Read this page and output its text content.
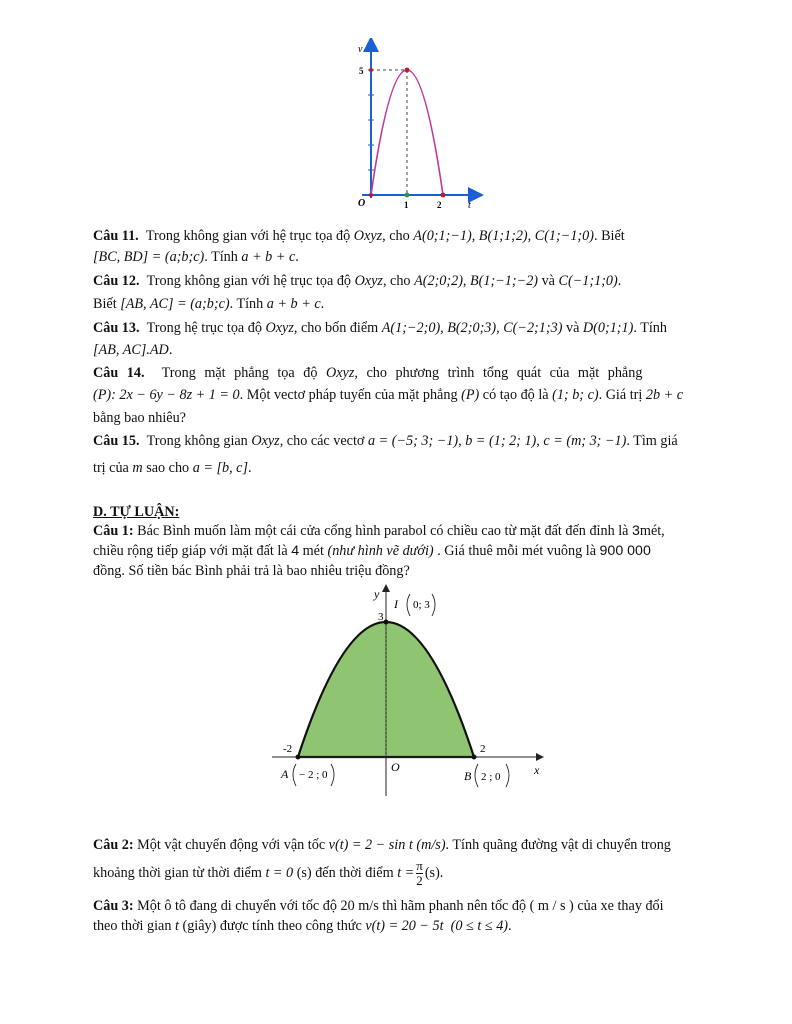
v
5
O	1	2	t
Câu 11. Trong không gian với hệ trục tọa độ Oxyz, cho A(0;1;−1), B(1;1;2), C(1;−1;0). Biết
[BC, BD] = (a;b;c). Tính a + b + c.
Câu 12. Trong không gian với hệ trục tọa độ Oxyz, cho A(2;0;2), B(1;−1;−2) và C(−1;1;0).
Biết [AB, AC] = (a;b;c). Tính a + b + c.
Câu 13. Trong hệ trục tọa độ Oxyz, cho bốn điểm A(1;−2;0), B(2;0;3), C(−2;1;3) và D(0;1;1). Tính
[AB, AC].AD.
Câu 14. Trong mặt phẳng tọa độ Oxyz, cho phương trình tổng quát của mặt phẳng
(P): 2x − 6y − 8z + 1 = 0. Một vectơ pháp tuyến của mặt phẳng (P) có tạo độ là (1; b; c). Giá trị 2b + c
bằng bao nhiêu?
Câu 15. Trong không gian Oxyz, cho các vectơ a = (−5; 3; −1), b = (1; 2; 1), c = (m; 3; −1). Tìm giá
trị của m sao cho a = [b, c].
D. TỰ LUẬN:
Câu 1: Bác Bình muốn làm một cái cửa cổng hình parabol có chiều cao từ mặt đất đến đỉnh là 3mét,
chiều rộng tiếp giáp với mặt đất là 4 mét (như hình vẽ dưới) . Giá thuê mỗi mét vuông là 900 000
đồng. Số tiền bác Bình phải trả là bao nhiêu triệu đồng?
y
x
O
3
-2	2
I 0; 3
A − 2 ; 0	B 2 ; 0
Câu 2: Một vật chuyển động với vận tốc v(t) = 2 − sin t (m/s). Tính quãng đường vật di chuyển trong
khoảng thời gian từ thời điểm t = 0 (s) đến thời điểm $t = \frac{\pi}{2} (s)$.
Câu 3: Một ô tô đang di chuyển với tốc độ 20 m/s thì hãm phanh nên tốc độ ( m / s ) của xe thay đổi
theo thời gian t (giây) được tính theo công thức v(t) = 20 − 5t (0 ≤ t ≤ 4).
